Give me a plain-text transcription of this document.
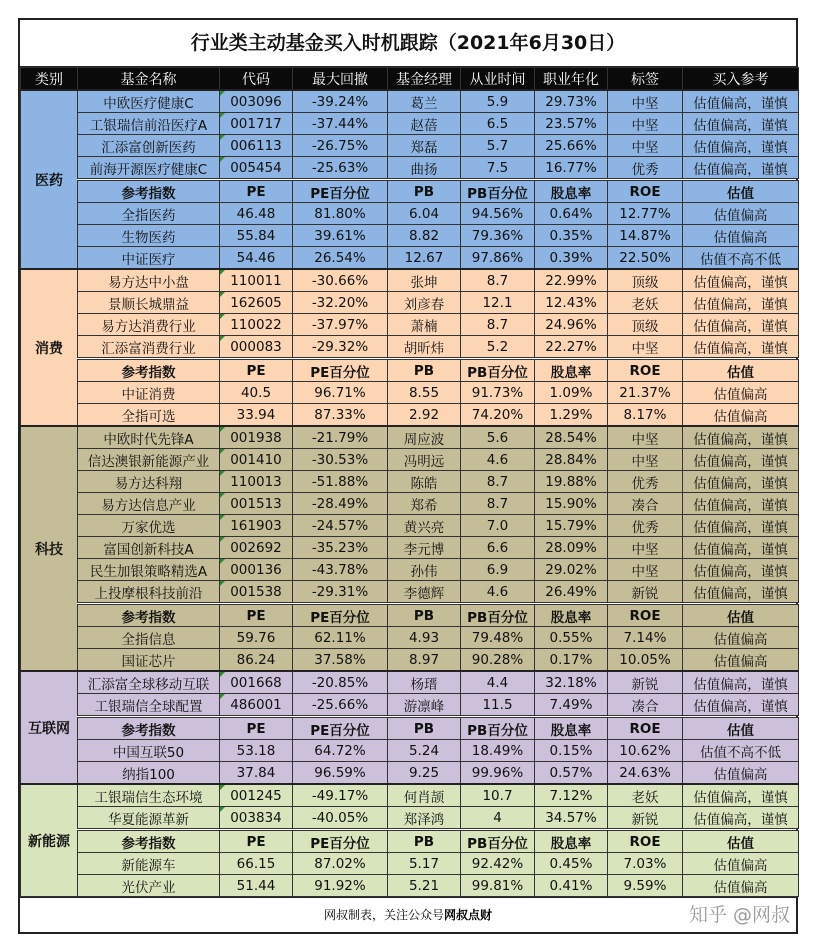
行业类主动基金买入时机跟踪（2021年6月30日）
类别	基金名称	代码	最大回撤	基金经理	从业时间	职业年化	标签	买入参考
医药	中欧医疗健康C	003096	-39.24%	葛兰	5.9	29.73%	中坚	估值偏高，谨慎
	工银瑞信前沿医疗A	001717	-37.44%	赵蓓	6.5	23.57%	中坚	估值偏高，谨慎
	汇添富创新医药	006113	-26.75%	郑磊	5.7	25.66%	中坚	估值偏高，谨慎
	前海开源医疗健康C	005454	-25.63%	曲扬	7.5	16.77%	优秀	估值偏高，谨慎
	参考指数	PE	PE百分位	PB	PB百分位	股息率	ROE	估值
	全指医药	46.48	81.80%	6.04	94.56%	0.64%	12.77%	估值偏高
	生物医药	55.84	39.61%	8.82	79.36%	0.35%	14.87%	估值偏高
	中证医疗	54.46	26.54%	12.67	97.86%	0.39%	22.50%	估值不高不低
消费	易方达中小盘	110011	-30.66%	张坤	8.7	22.99%	顶级	估值偏高，谨慎
	景顺长城鼎益	162605	-32.20%	刘彦春	12.1	12.43%	老妖	估值偏高，谨慎
	易方达消费行业	110022	-37.97%	萧楠	8.7	24.96%	顶级	估值偏高，谨慎
	汇添富消费行业	000083	-29.32%	胡昕炜	5.2	22.27%	中坚	估值偏高，谨慎
	参考指数	PE	PE百分位	PB	PB百分位	股息率	ROE	估值
	中证消费	40.5	96.71%	8.55	91.73%	1.09%	21.37%	估值偏高
	全指可选	33.94	87.33%	2.92	74.20%	1.29%	8.17%	估值偏高
科技	中欧时代先锋A	001938	-21.79%	周应波	5.6	28.54%	中坚	估值偏高，谨慎
	信达澳银新能源产业	001410	-30.53%	冯明远	4.6	28.84%	中坚	估值偏高，谨慎
	易方达科翔	110013	-51.88%	陈皓	8.7	19.88%	优秀	估值偏高，谨慎
	易方达信息产业	001513	-28.49%	郑希	8.7	15.90%	凑合	估值偏高，谨慎
	万家优选	161903	-24.57%	黄兴亮	7.0	15.79%	优秀	估值偏高，谨慎
	富国创新科技A	002692	-35.23%	李元博	6.6	28.09%	中坚	估值偏高，谨慎
	民生加银策略精选A	000136	-43.78%	孙伟	6.9	29.02%	中坚	估值偏高，谨慎
	上投摩根科技前沿	001538	-29.31%	李德辉	4.6	26.49%	新锐	估值偏高，谨慎
	参考指数	PE	PE百分位	PB	PB百分位	股息率	ROE	估值
	全指信息	59.76	62.11%	4.93	79.48%	0.55%	7.14%	估值偏高
	国证芯片	86.24	37.58%	8.97	90.28%	0.17%	10.05%	估值偏高
互联网	汇添富全球移动互联	001668	-20.85%	杨瑨	4.4	32.18%	新锐	估值偏高，谨慎
	工银瑞信全球配置	486001	-25.66%	游凛峰	11.5	7.49%	凑合	估值偏高，谨慎
	参考指数	PE	PE百分位	PB	PB百分位	股息率	ROE	估值
	中国互联50	53.18	64.72%	5.24	18.49%	0.15%	10.62%	估值不高不低
	纳指100	37.84	96.59%	9.25	99.96%	0.57%	24.63%	估值偏高
新能源	工银瑞信生态环境	001245	-49.17%	何肖颉	10.7	7.12%	老妖	估值偏高，谨慎
	华夏能源革新	003834	-40.05%	郑泽鸿	4	34.57%	新锐	估值偏高，谨慎
	参考指数	PE	PE百分位	PB	PB百分位	股息率	ROE	估值
	新能源车	66.15	87.02%	5.17	92.42%	0.45%	7.03%	估值偏高
	光伏产业	51.44	91.92%	5.21	99.81%	0.41%	9.59%	估值偏高
网叔制表，关注公众号网叔点财	知乎 @网叔
